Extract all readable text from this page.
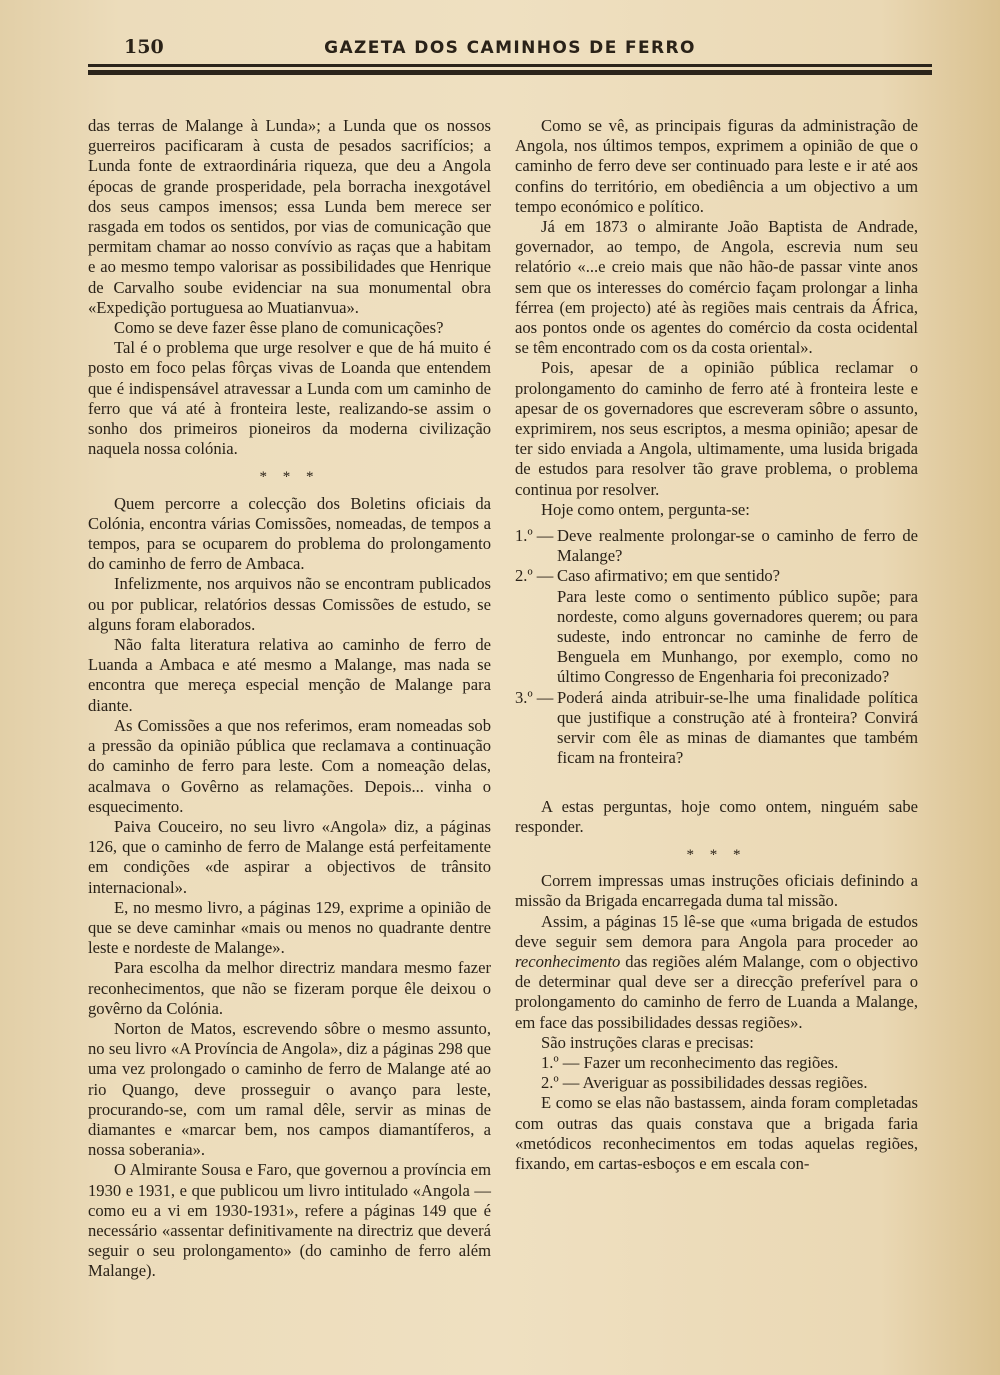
150	GAZETA DOS CAMINHOS DE FERRO

das terras de Malange à Lunda»; a Lunda que os nossos guerreiros pacificaram à custa de pesados sacrifícios; a Lunda fonte de extraordinária riqueza, que deu a Angola épocas de grande prosperidade, pela borracha inexgotável dos seus campos imensos; essa Lunda bem merece ser rasgada em todos os sentidos, por vias de comunicação que permitam chamar ao nosso convívio as raças que a habitam e ao mesmo tempo valorisar as possibilidades que Henrique de Carvalho soube evidenciar na sua monumental obra «Expedição portuguesa ao Muatianvua».

Como se deve fazer êsse plano de comunicações?

Tal é o problema que urge resolver e que de há muito é posto em foco pelas fôrças vivas de Loanda que entendem que é indispensável atravessar a Lunda com um caminho de ferro que vá até à fronteira leste, realizando-se assim o sonho dos primeiros pioneiros da moderna civilização naquela nossa colónia.

* * *

Quem percorre a colecção dos Boletins oficiais da Colónia, encontra várias Comissões, nomeadas, de tempos a tempos, para se ocuparem do problema do prolongamento do caminho de ferro de Ambaca.

Infelizmente, nos arquivos não se encontram publicados ou por publicar, relatórios dessas Comissões de estudo, se alguns foram elaborados.

Não falta literatura relativa ao caminho de ferro de Luanda a Ambaca e até mesmo a Malange, mas nada se encontra que mereça especial menção de Malange para diante.

As Comissões a que nos referimos, eram nomeadas sob a pressão da opinião pública que reclamava a continuação do caminho de ferro para leste. Com a nomeação delas, acalmava o Govêrno as relamações. Depois... vinha o esquecimento.

Paiva Couceiro, no seu livro «Angola» diz, a páginas 126, que o caminho de ferro de Malange está perfeitamente em condições «de aspirar a objectivos de trânsito internacional».

E, no mesmo livro, a páginas 129, exprime a opinião de que se deve caminhar «mais ou menos no quadrante dentre leste e nordeste de Malange».

Para escolha da melhor directriz mandara mesmo fazer reconhecimentos, que não se fizeram porque êle deixou o govêrno da Colónia.

Norton de Matos, escrevendo sôbre o mesmo assunto, no seu livro «A Província de Angola», diz a páginas 298 que uma vez prolongado o caminho de ferro de Malange até ao rio Quango, deve prosseguir o avanço para leste, procurando-se, com um ramal dêle, servir as minas de diamantes e «marcar bem, nos campos diamantíferos, a nossa soberania».

O Almirante Sousa e Faro, que governou a província em 1930 e 1931, e que publicou um livro intitulado «Angola — como eu a vi em 1930-1931», refere a páginas 149 que é necessário «assentar definitivamente na directriz que deverá seguir o seu prolongamento» (do caminho de ferro além Malange).

Como se vê, as principais figuras da administração de Angola, nos últimos tempos, exprimem a opinião de que o caminho de ferro deve ser continuado para leste e ir até aos confins do território, em obediência a um objectivo a um tempo económico e político.

Já em 1873 o almirante João Baptista de Andrade, governador, ao tempo, de Angola, escrevia num seu relatório «...e creio mais que não hão-de passar vinte anos sem que os interesses do comércio façam prolongar a linha férrea (em projecto) até às regiões mais centrais da África, aos pontos onde os agentes do comércio da costa ocidental se têm encontrado com os da costa oriental».

Pois, apesar de a opinião pública reclamar o prolongamento do caminho de ferro até à fronteira leste e apesar de os governadores que escreveram sôbre o assunto, exprimirem, nos seus escriptos, a mesma opinião; apesar de ter sido enviada a Angola, ultimamente, uma lusida brigada de estudos para resolver tão grave problema, o problema continua por resolver.

Hoje como ontem, pergunta-se:

1.º — Deve realmente prolongar-se o caminho de ferro de Malange?

2.º — Caso afirmativo; em que sentido?

Para leste como o sentimento público supõe; para nordeste, como alguns governadores querem; ou para sudeste, indo entroncar no caminhe de ferro de Benguela em Munhango, por exemplo, como no último Congresso de Engenharia foi preconizado?

3.º — Poderá ainda atribuir-se-lhe uma finalidade política que justifique a construção até à fronteira? Convirá servir com êle as minas de diamantes que também ficam na fronteira?

A estas perguntas, hoje como ontem, ninguém sabe responder.

* * *

Correm impressas umas instruções oficiais definindo a missão da Brigada encarregada duma tal missão.

Assim, a páginas 15 lê-se que «uma brigada de estudos deve seguir sem demora para Angola para proceder ao reconhecimento das regiões além Malange, com o objectivo de determinar qual deve ser a direcção preferível para o prolongamento do caminho de ferro de Luanda a Malange, em face das possibilidades dessas regiões».

São instruções claras e precisas:

1.º — Fazer um reconhecimento das regiões.

2.º — Averiguar as possibilidades dessas regiões.

E como se elas não bastassem, ainda foram completadas com outras das quais constava que a brigada faria «metódicos reconhecimentos em todas aquelas regiões, fixando, em cartas-esboços e em escala con-
